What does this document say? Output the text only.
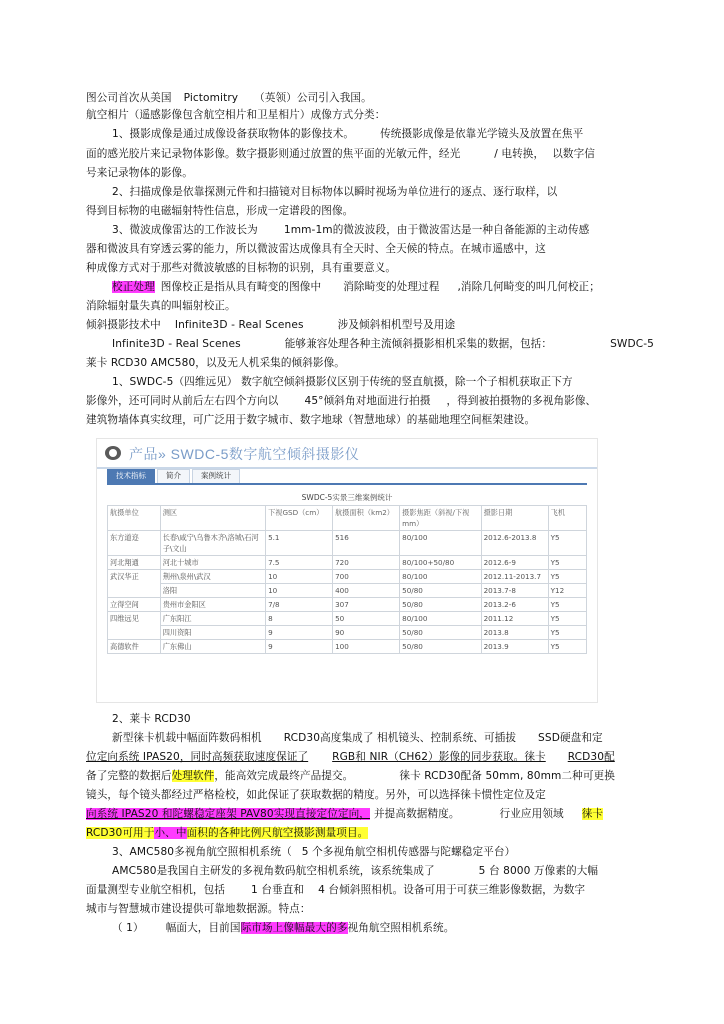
图公司首次从美国 Pictomitry （英领）公司引入我国。
航空相片（遥感影像包含航空相片和卫星相片）成像方式分类：
1、摄影成像是通过成像设备获取物体的影像技术。 传统摄影成像是依靠光学镜头及放置在焦平
面的感光胶片来记录物体影像。数字摄影则通过放置的焦平面的光敏元件，经光	/ 电转换， 以数字信
号来记录物体的影像。
2、扫描成像是依靠探测元件和扫描镜对目标物体以瞬时视场为单位进行的逐点、逐行取样，以
得到目标物的电磁辐射特性信息，形成一定谱段的图像。
3、微波成像雷达的工作波长为 1mm-1m的微波波段，由于微波雷达是一种自备能源的主动传感
器和微波具有穿透云雾的能力，所以微波雷达成像具有全天时、全天候的特点。在城市遥感中，这
种成像方式对于那些对微波敏感的目标物的识别，具有重要意义。
校正处理 图像校正是指从具有畸变的图像中 消除畸变的处理过程 ,消除几何畸变的叫几何校正；
消除辐射量失真的叫辐射校正。
倾斜摄影技术中 Infinite3D - Real Scenes	涉及倾斜相机型号及用途
Infinite3D - Real Scenes	能够兼容处理各种主流倾斜摄影相机采集的数据，包括：	SWDC-5
莱卡 RCD30 AMC580，以及无人机采集的倾斜影像。
1、SWDC-5（四维远见） 数字航空倾斜摄影仪区别于传统的竖直航摄，除一个子相机获取正下方
影像外，还可同时从前后左右四个方向以 45°倾斜角对地面进行拍摄 ，得到被拍摄物的多视角影像、
建筑物墙体真实纹理，可广泛用于数字城市、数字地球（智慧地球）的基础地理空间框架建设。
产品» SWDC-5数字航空倾斜摄影仪
技术指标	简介	案例统计
SWDC-5实景三维案例统计						
航摄单位	测区	下视GSD（cm）	航摄面积（km2）	摄影焦距（斜视/下视mm）	摄影日期	飞机
东方道迩	长春\咸宁\乌鲁木齐\洛城\石河子\文山	5.1	516	80/100	2012.6-2013.8	Y5
河北翔通	河北十城市	7.5	720	80/100+50/80	2012.6-9	Y5
武汉华正	荆州\泉州\武汉	10	700	80/100	2012.11-2013.7	Y5
	洛阳	10	400	50/80	2013.7-8	Y12
立得空间	贵州市金阳区	7/8	307	50/80	2013.2-6	Y5
四维远见	广东阳江	8	50	80/100	2011.12	Y5
	四川资阳	9	90	50/80	2013.8	Y5
高德软件	广东佛山	9	100	50/80	2013.9	Y5
2、莱卡 RCD30
新型徕卡机载中幅面阵数码相机 RCD30高度集成了 相机镜头、控制系统、可插拔 SSD硬盘和定
位定向系统 IPAS20，同时高频获取速度保证了 RGB和 NIR（CH62）影像的同步获取。徕卡 RCD30配
备了完整的数据后处理软件，能高效完成最终产品提交。	徕卡 RCD30配备 50mm, 80mm二种可更换
镜头，每个镜头都经过严格检校，如此保证了获取数据的精度。另外，可以选择徕卡惯性定位及定
向系统 IPAS20 和陀螺稳定座架 PAV80实现直接定位定向， 并提高数据精度。	行业应用领域 徕卡
RCD30可用于小、中面积的各种比例尺航空摄影测量项目。
3、AMC580多视角航空照相机系统（ 5 个多视角航空相机传感器与陀螺稳定平台）
AMC580是我国自主研发的多视角数码航空相机系统，该系统集成了	5 台 8000 万像素的大幅
面量测型专业航空相机，包括 1 台垂直和 4 台倾斜照相机。设备可用于可获三维影像数据，为数字
城市与智慧城市建设提供可靠地数据源。特点：
（ 1） 幅面大，目前国际市场上像幅最大的多视角航空照相机系统。
